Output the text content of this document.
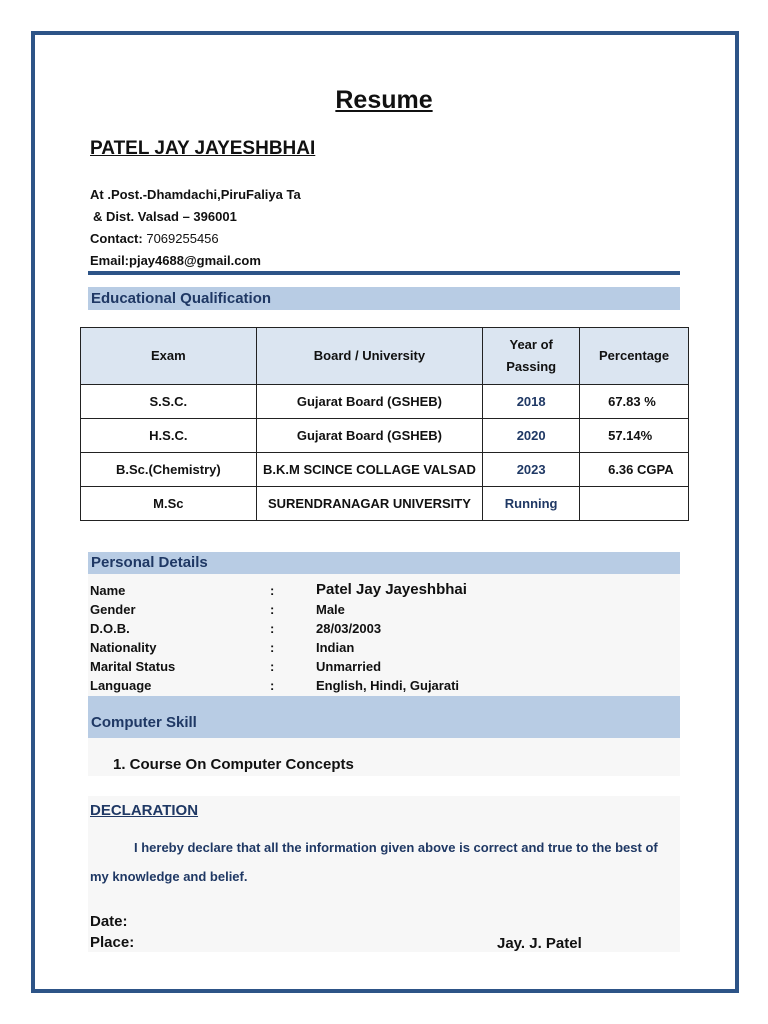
Resume
PATEL JAY JAYESHBHAI
At .Post.-Dhamdachi,PiruFaliya Ta
& Dist. Valsad – 396001
Contact: 7069255456
Email:pjay4688@gmail.com
Educational Qualification
Exam	Board / University	Year of Passing	Percentage
S.S.C.	Gujarat Board (GSHEB)	2018	67.83 %
H.S.C.	Gujarat Board (GSHEB)	2020	57.14%
B.Sc.(Chemistry)	B.K.M SCINCE COLLAGE VALSAD	2023	6.36 CGPA
M.Sc	SURENDRANAGAR UNIVERSITY	Running	
Personal Details
Name	:	Patel Jay Jayeshbhai
Gender	:	Male
D.O.B.	:	28/03/2003
Nationality	:	Indian
Marital Status	:	Unmarried
Language	:	English, Hindi, Gujarati
Computer Skill
1. Course On Computer Concepts
DECLARATION
I hereby declare that all the information given above is correct and true to the best of my knowledge and belief.
Date:
Place:	Jay. J. Patel
